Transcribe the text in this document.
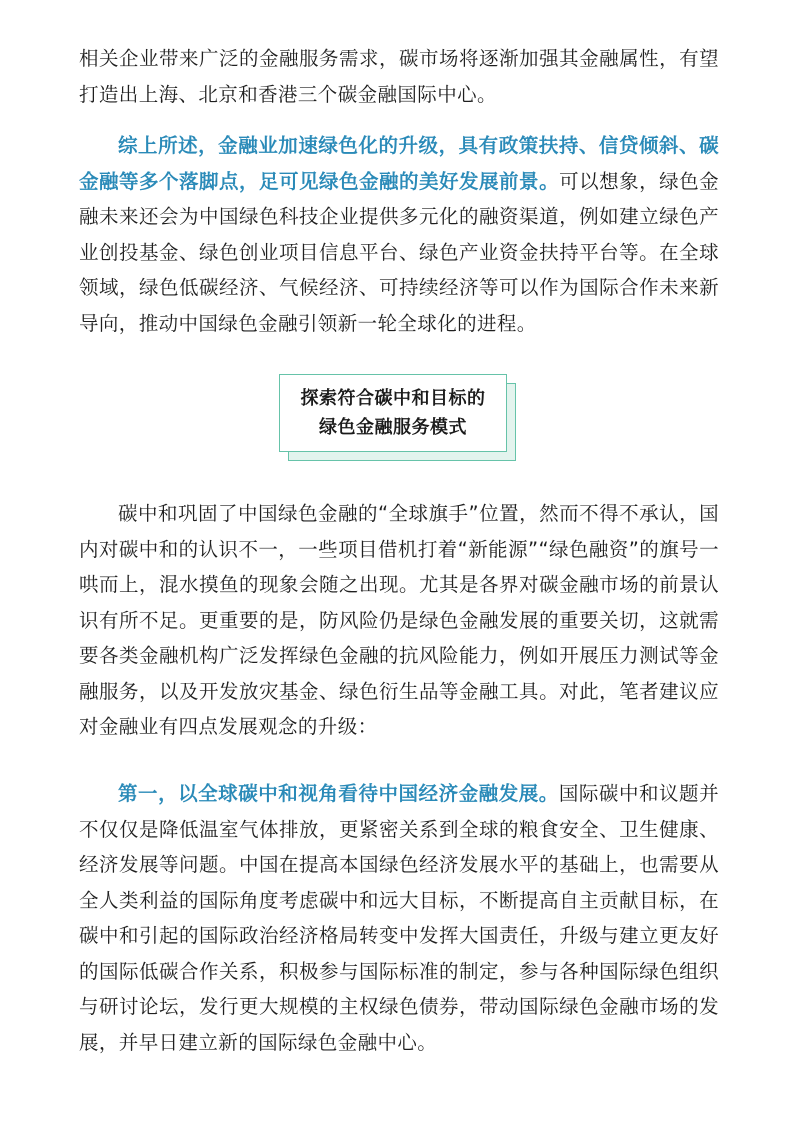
相关企业带来广泛的金融服务需求，碳市场将逐渐加强其金融属性，有望打造出上海、北京和香港三个碳金融国际中心。

综上所述，金融业加速绿色化的升级，具有政策扶持、信贷倾斜、碳金融等多个落脚点，足可见绿色金融的美好发展前景。可以想象，绿色金融未来还会为中国绿色科技企业提供多元化的融资渠道，例如建立绿色产业创投基金、绿色创业项目信息平台、绿色产业资金扶持平台等。在全球领域，绿色低碳经济、气候经济、可持续经济等可以作为国际合作未来新导向，推动中国绿色金融引领新一轮全球化的进程。

探索符合碳中和目标的
绿色金融服务模式

碳中和巩固了中国绿色金融的“全球旗手”位置，然而不得不承认，国内对碳中和的认识不一，一些项目借机打着“新能源”“绿色融资”的旗号一哄而上，混水摸鱼的现象会随之出现。尤其是各界对碳金融市场的前景认识有所不足。更重要的是，防风险仍是绿色金融发展的重要关切，这就需要各类金融机构广泛发挥绿色金融的抗风险能力，例如开展压力测试等金融服务，以及开发放灾基金、绿色衍生品等金融工具。对此，笔者建议应对金融业有四点发展观念的升级：

第一，以全球碳中和视角看待中国经济金融发展。国际碳中和议题并不仅仅是降低温室气体排放，更紧密关系到全球的粮食安全、卫生健康、经济发展等问题。中国在提高本国绿色经济发展水平的基础上，也需要从全人类利益的国际角度考虑碳中和远大目标，不断提高自主贡献目标，在碳中和引起的国际政治经济格局转变中发挥大国责任，升级与建立更友好的国际低碳合作关系，积极参与国际标准的制定，参与各种国际绿色组织与研讨论坛，发行更大规模的主权绿色债券，带动国际绿色金融市场的发展，并早日建立新的国际绿色金融中心。
